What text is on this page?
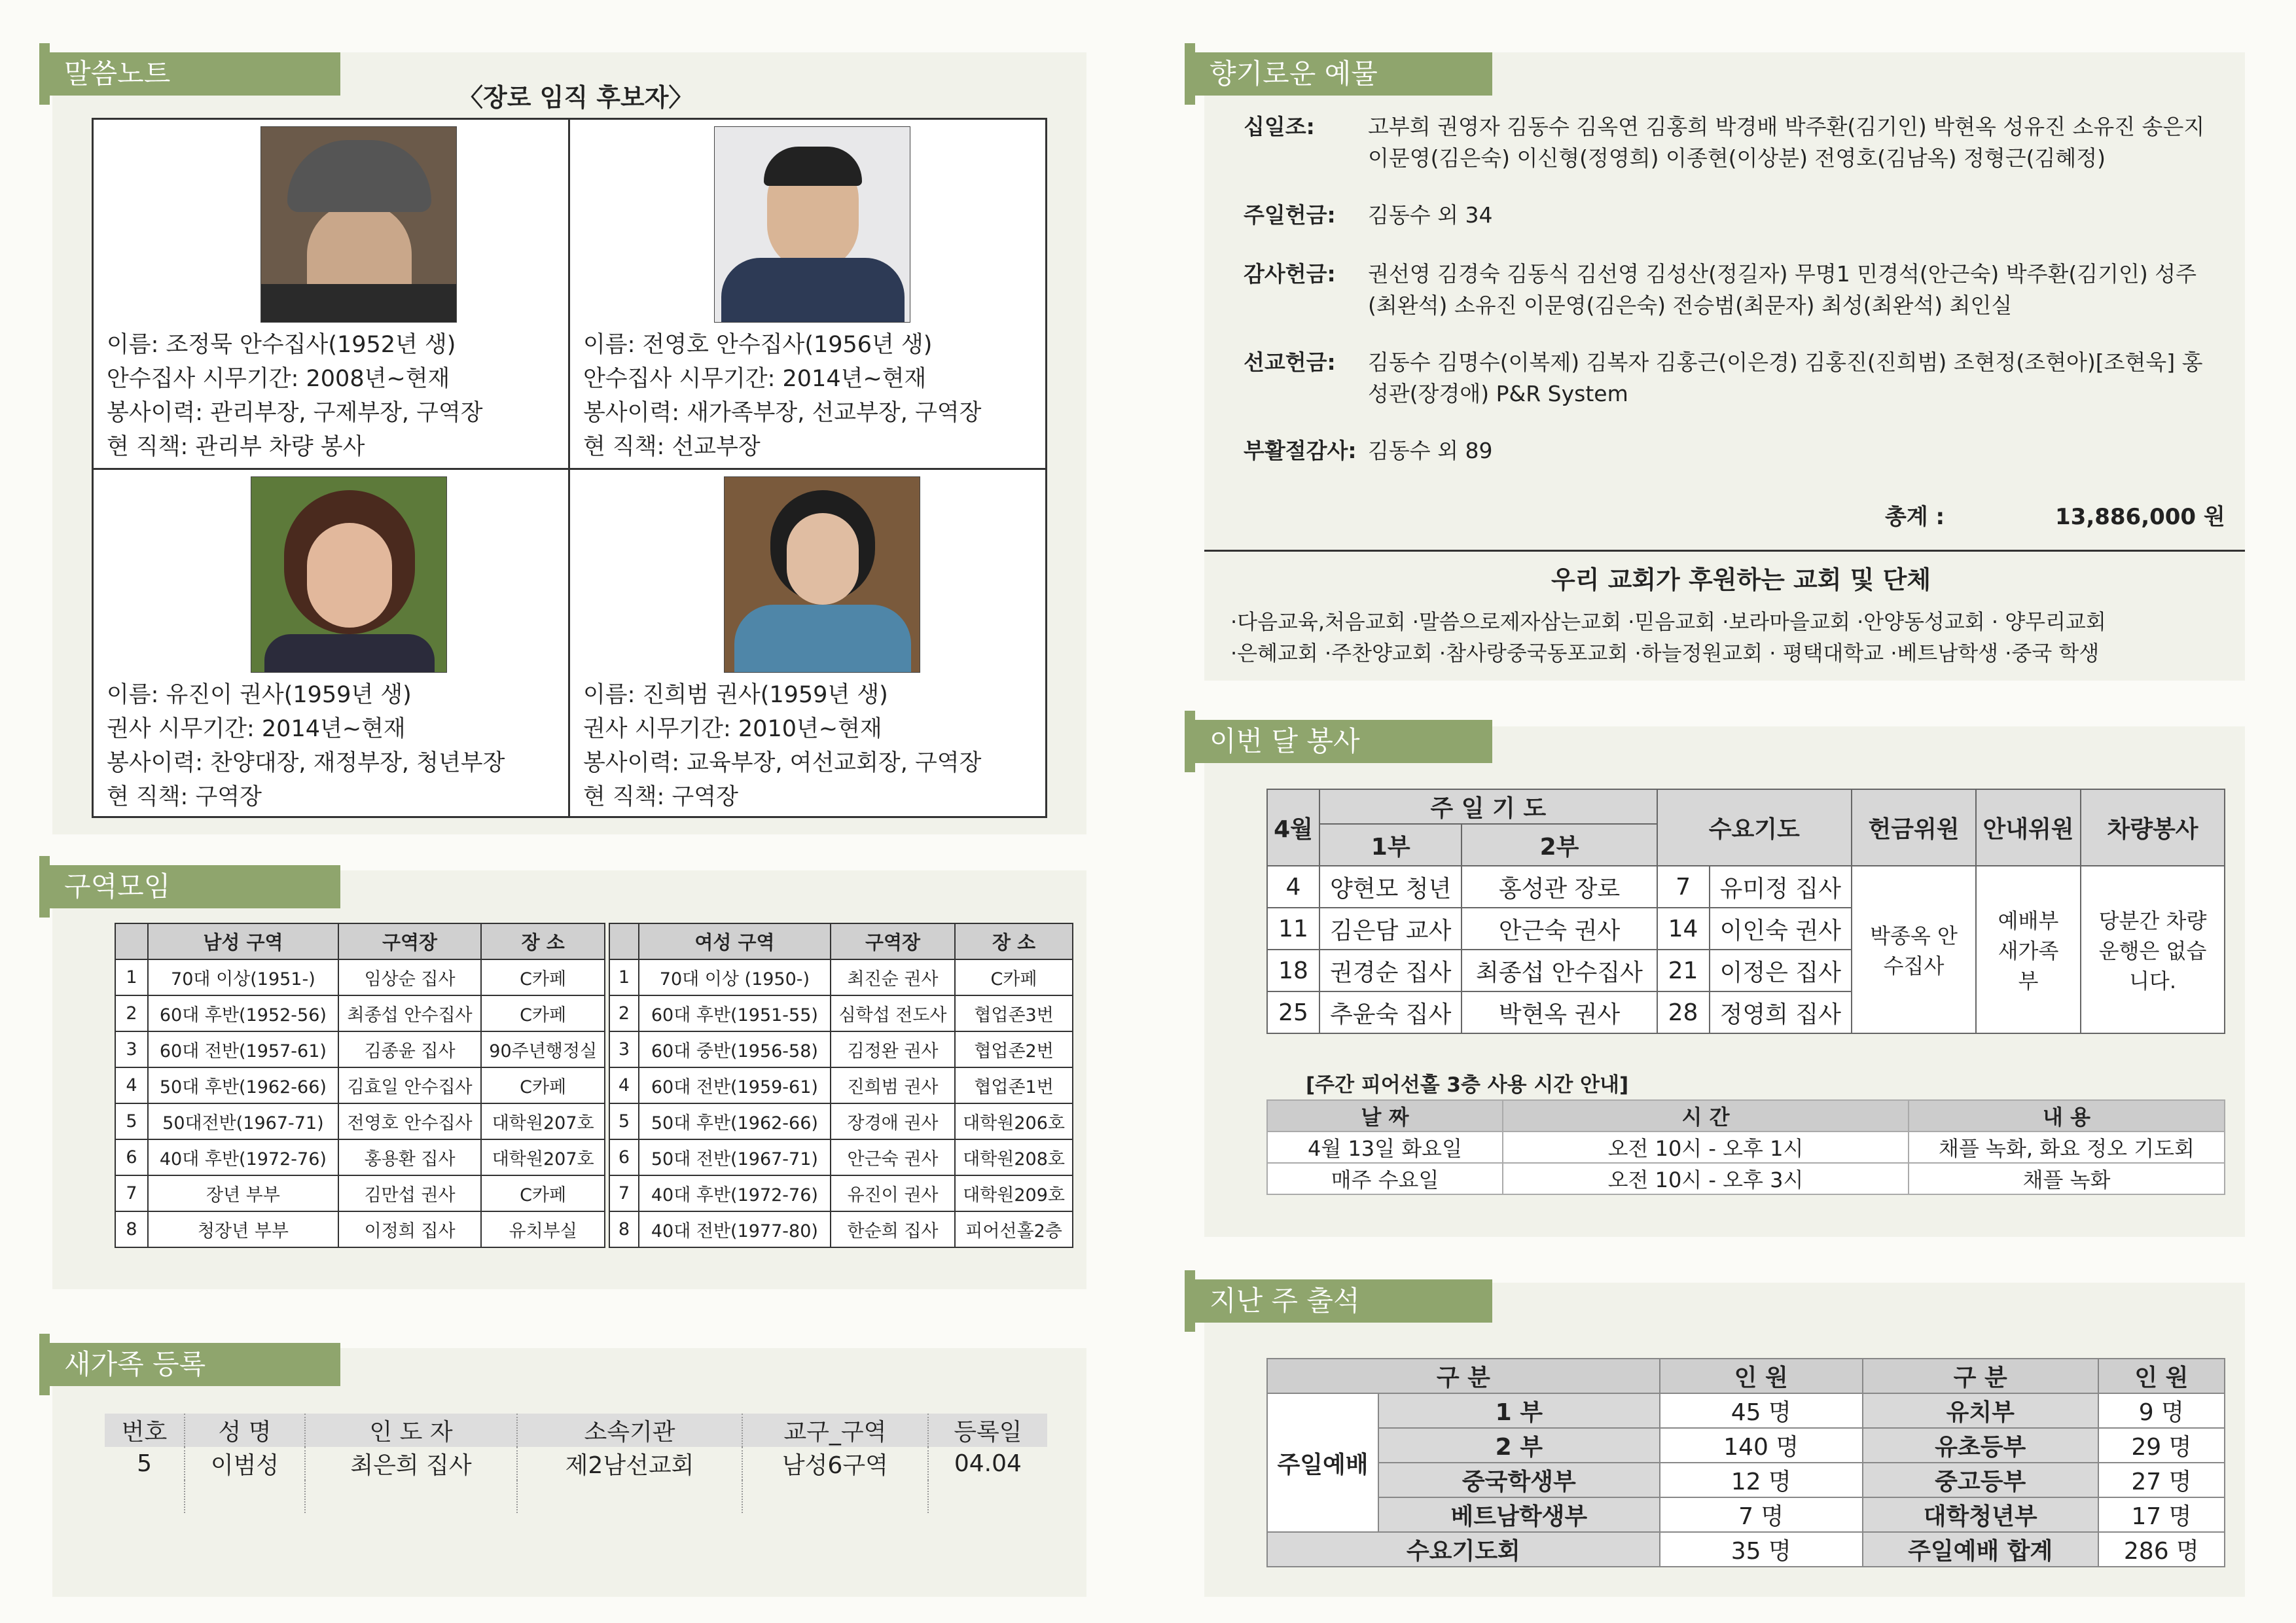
말씀노트
〈장로 임직 후보자〉
이름: 조정묵 안수집사(1952년 생)
안수집사 시무기간: 2008년~현재
봉사이력: 관리부장, 구제부장, 구역장
현 직책: 관리부 차량 봉사
이름: 전영호 안수집사(1956년 생)
안수집사 시무기간: 2014년~현재
봉사이력: 새가족부장, 선교부장, 구역장
현 직책: 선교부장
이름: 유진이 권사(1959년 생)
권사 시무기간: 2014년~현재
봉사이력: 찬양대장, 재정부장, 청년부장
현 직책: 구역장
이름: 진희범 권사(1959년 생)
권사 시무기간: 2010년~현재
봉사이력: 교육부장, 여선교회장, 구역장
현 직책: 구역장
구역모임
	남성 구역	구역장	장 소
1	70대 이상(1951-)	임상순 집사	C카페
2	60대 후반(1952-56)	최종섭 안수집사	C카페
3	60대 전반(1957-61)	김종윤 집사	90주년행정실
4	50대 후반(1962-66)	김효일 안수집사	C카페
5	50대전반(1967-71)	전영호 안수집사	대학원207호
6	40대 후반(1972-76)	홍용환 집사	대학원207호
7	장년 부부	김만섭 권사	C카페
8	청장년 부부	이정희 집사	유치부실
	여성 구역	구역장	장 소
1	70대 이상 (1950-)	최진순 권사	C카페
2	60대 후반(1951-55)	심학섭 전도사	협업존3번
3	60대 중반(1956-58)	김정완 권사	협업존2번
4	60대 전반(1959-61)	진희범 권사	협업존1번
5	50대 후반(1962-66)	장경애 권사	대학원206호
6	50대 전반(1967-71)	안근숙 권사	대학원208호
7	40대 후반(1972-76)	유진이 권사	대학원209호
8	40대 전반(1977-80)	한순희 집사	피어선홀2층
새가족 등록
번호	성 명	인 도 자	소속기관	교구_구역	등록일
5	이범성	최은희 집사	제2남선교회	남성6구역	04.04

향기로운 예물
십일조:	고부희 권영자 김동수 김옥연 김홍희 박경배 박주환(김기인) 박현옥 성유진 소유진 송은지 이문영(김은숙) 이신형(정영희) 이종현(이상분) 전영호(김남옥) 정형근(김혜정)
주일헌금:	김동수 외 34
감사헌금:	권선영 김경숙 김동식 김선영 김성산(정길자) 무명1 민경석(안근숙) 박주환(김기인) 성주(최완석) 소유진 이문영(김은숙) 전승범(최문자) 최성(최완석) 최인실
선교헌금:	김동수 김명수(이복제) 김복자 김홍근(이은경) 김홍진(진희범) 조현정(조현아)[조현욱] 홍성관(장경애) P&R System
부활절감사: 김동수 외 89
총계 :	13,886,000 원
우리 교회가 후원하는 교회 및 단체
·다음교육,처음교회 ·말씀으로제자삼는교회 ·믿음교회 ·보라마을교회 ·안양동성교회 · 양무리교회
·은혜교회 ·주찬양교회 ·참사랑중국동포교회 ·하늘정원교회 · 평택대학교 ·베트남학생 ·중국 학생
이번 달 봉사
4월	주 일 기 도		수요기도		헌금위원	안내위원	차량봉사
	1부	2부					
4	양현모 청년	홍성관 장로	7	유미정 집사	박종옥 안수집사	예배부 새가족부	당분간 차량운행은 없습니다.
11	김은담 교사	안근숙 권사	14	이인숙 권사			
18	권경순 집사	최종섭 안수집사	21	이정은 집사			
25	추윤숙 집사	박현옥 권사	28	정영희 집사			
[주간 피어선홀 3층 사용 시간 안내]
날 짜	시 간	내 용
4월 13일 화요일	오전 10시 - 오후 1시	채플 녹화, 화요 정오 기도회
매주 수요일	오전 10시 - 오후 3시	채플 녹화
지난 주 출석
구 분		인 원	구 분	인 원
주일예배	1 부	45 명	유치부	9 명
	2 부	140 명	유초등부	29 명
	중국학생부	12 명	중고등부	27 명
	베트남학생부	7 명	대학청년부	17 명
수요기도회		35 명	주일예배 합계	286 명
